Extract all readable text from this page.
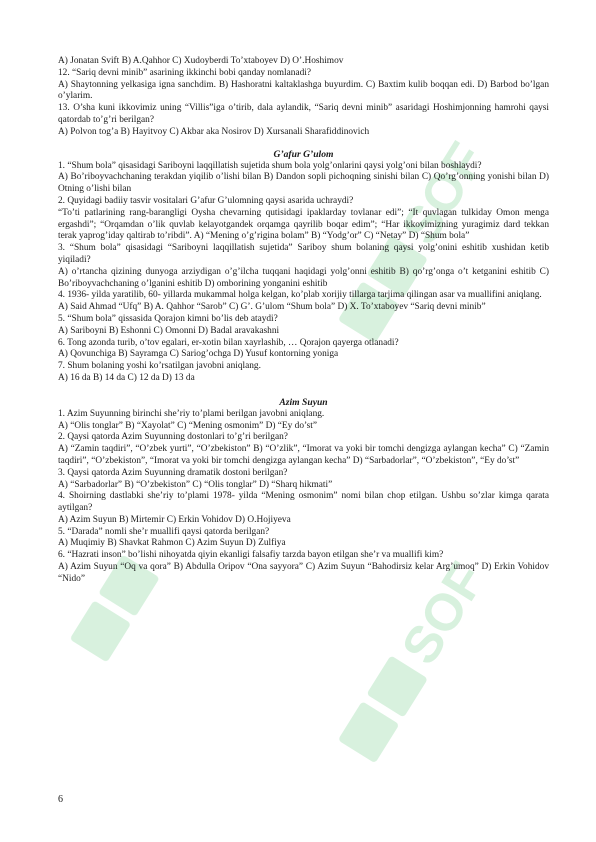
SOF
SOF

A) Jonatan Svift B) A.Qahhor C) Xudoyberdi To’xtaboyev D) O’.Hoshimov

12. “Sariq devni minib” asarining ikkinchi bobi qanday nomlanadi?

A) Shaytonning yelkasiga igna sanchdim. B) Hashoratni kaltaklashga buyurdim. C) Baxtim kulib boqqan edi. D) Barbod bo’lgan o’ylarim.

13. O’sha kuni ikkovimiz uning “Villis”iga o’tirib, dala aylandik, “Sariq devni minib” asaridagi Hoshimjonning hamrohi qaysi qatordab to’g’ri berilgan?

A) Polvon tog’a B) Hayitvoy C) Akbar aka Nosirov D) Xursanali Sharafiddinovich

G’afur G’ulom

1. “Shum bola” qisasidagi Sariboyni laqqillatish sujetida shum bola yolg’onlarini qaysi yolg’oni bilan boshlaydi?

A) Bo’riboyvachchaning terakdan yiqilib o’lishi bilan B) Dandon sopli pichoqning sinishi bilan C) Qo’rg’onning yonishi bilan D) Otning o’lishi bilan

2. Quyidagi badiiy tasvir vositalari G’afur G’ulomning qaysi asarida uchraydi?

“To’ti patlarining rang-barangligi Oysha chevarning qutisidagi ipaklarday tovlanar edi”; “It quvlagan tulkiday Omon menga ergashdi”; “Orqamdan o’lik quvlab kelayotgandek orqamga qayrilib boqar edim”; “Har ikkovimizning yuragimiz dard tekkan terak yaprog’iday qaltirab to’ribdi”. A) “Mening o’g’rigina bolam” B) “Yodg’or” C) “Netay” D) “Shum bola”

3. “Shum bola” qisasidagi “Sariboyni laqqillatish sujetida” Sariboy shum bolaning qaysi yolg’onini eshitib xushidan ketib yiqiladi?

A) o’rtancha qizining dunyoga arziydigan o’g’ilcha tuqqani haqidagi yolg’onni eshitib B) qo’rg’onga o’t ketganini eshitib C) Bo’riboyvachchaning o’lganini eshitib D) omborining yonganini eshitib

4. 1936- yilda yaratilib, 60- yillarda mukammal holga kelgan, ko’plab xorijiy tillarga tarjima qilingan asar va muallifini aniqlang.

A) Said Ahmad “Ufq” B) A. Qahhor “Sarob” C) G’. G’ulom “Shum bola” D) X. To’xtaboyev “Sariq devni minib”

5. “Shum bola” qissasida Qorajon kimni bo’lis deb ataydi?

A) Sariboyni B) Eshonni C) Omonni D) Badal aravakashni

6. Tong azonda turib, o’tov egalari, er-xotin bilan xayrlashib, … Qorajon qayerga otlanadi?

A) Qovunchiga B) Sayramga C) Sariog’ochga D) Yusuf kontorning yoniga

7. Shum bolaning yoshi ko’rsatilgan javobni aniqlang.

A) 16 da B) 14 da C) 12 da D) 13 da

Azim Suyun

1. Azim Suyunning birinchi she’riy to’plami berilgan javobni aniqlang.

A) “Olis tonglar” B) “Xayolat” C) “Mening osmonim” D) “Ey do’st”

2. Qaysi qatorda Azim Suyunning dostonlari to’g’ri berilgan?

A) “Zamin taqdiri”, “O’zbek yurti”, “O’zbekiston” B) “O’zlik”, “Imorat va yoki bir tomchi dengizga aylangan kecha” C) “Zamin taqdiri”, “O’zbekiston”, “Imorat va yoki bir tomchi dengizga aylangan kecha” D) “Sarbadorlar”, “O’zbekiston”, “Ey do’st”

3. Qaysi qatorda Azim Suyunning dramatik dostoni berilgan?

A) “Sarbadorlar” B) “O’zbekiston” C) “Olis tonglar” D) “Sharq hikmati”

4. Shoirning dastlabki she’riy to’plami 1978- yilda “Mening osmonim” nomi bilan chop etilgan. Ushbu so’zlar kimga qarata aytilgan?

A) Azim Suyun B) Mirtemir C) Erkin Vohidov D) O.Hojiyeva

5. “Darada” nomli she’r muallifi qaysi qatorda berilgan?

A) Muqimiy B) Shavkat Rahmon C) Azim Suyun D) Zulfiya

6. “Hazrati inson” bo’lishi nihoyatda qiyin ekanligi falsafiy tarzda bayon etilgan she’r va muallifi kim?

A) Azim Suyun “Oq va qora” B) Abdulla Oripov “Ona sayyora” C) Azim Suyun “Bahodirsiz kelar Arg’umoq” D) Erkin Vohidov “Nido”

6
